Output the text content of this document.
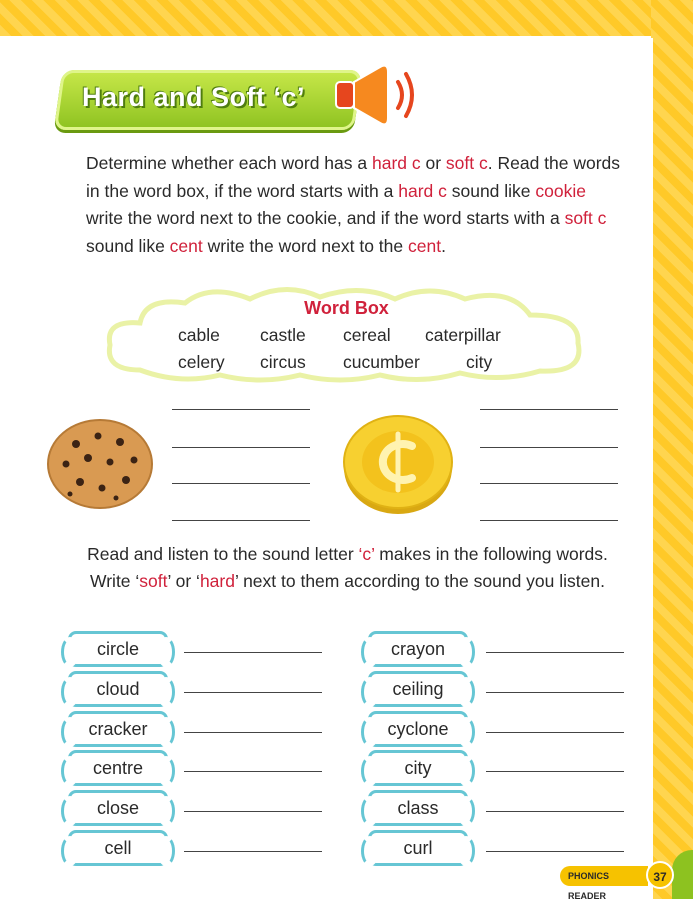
Hard and Soft ‘c’
Determine whether each word has a hard c or soft c. Read the words in the word box, if the word starts with a hard c sound like cookie write the word next to the cookie, and if the word starts with a soft c sound like cent write the word next to the cent.
Word Box
cable castle cereal caterpillar
celery circus cucumber	city
Read and listen to the sound letter ‘c’ makes in the following words. Write ‘soft’ or ‘hard’ next to them according to the sound you listen.
circle
cloud
cracker
centre
close
cell
crayon
ceiling
cyclone
city
class
curl
PHONICS READER
37
